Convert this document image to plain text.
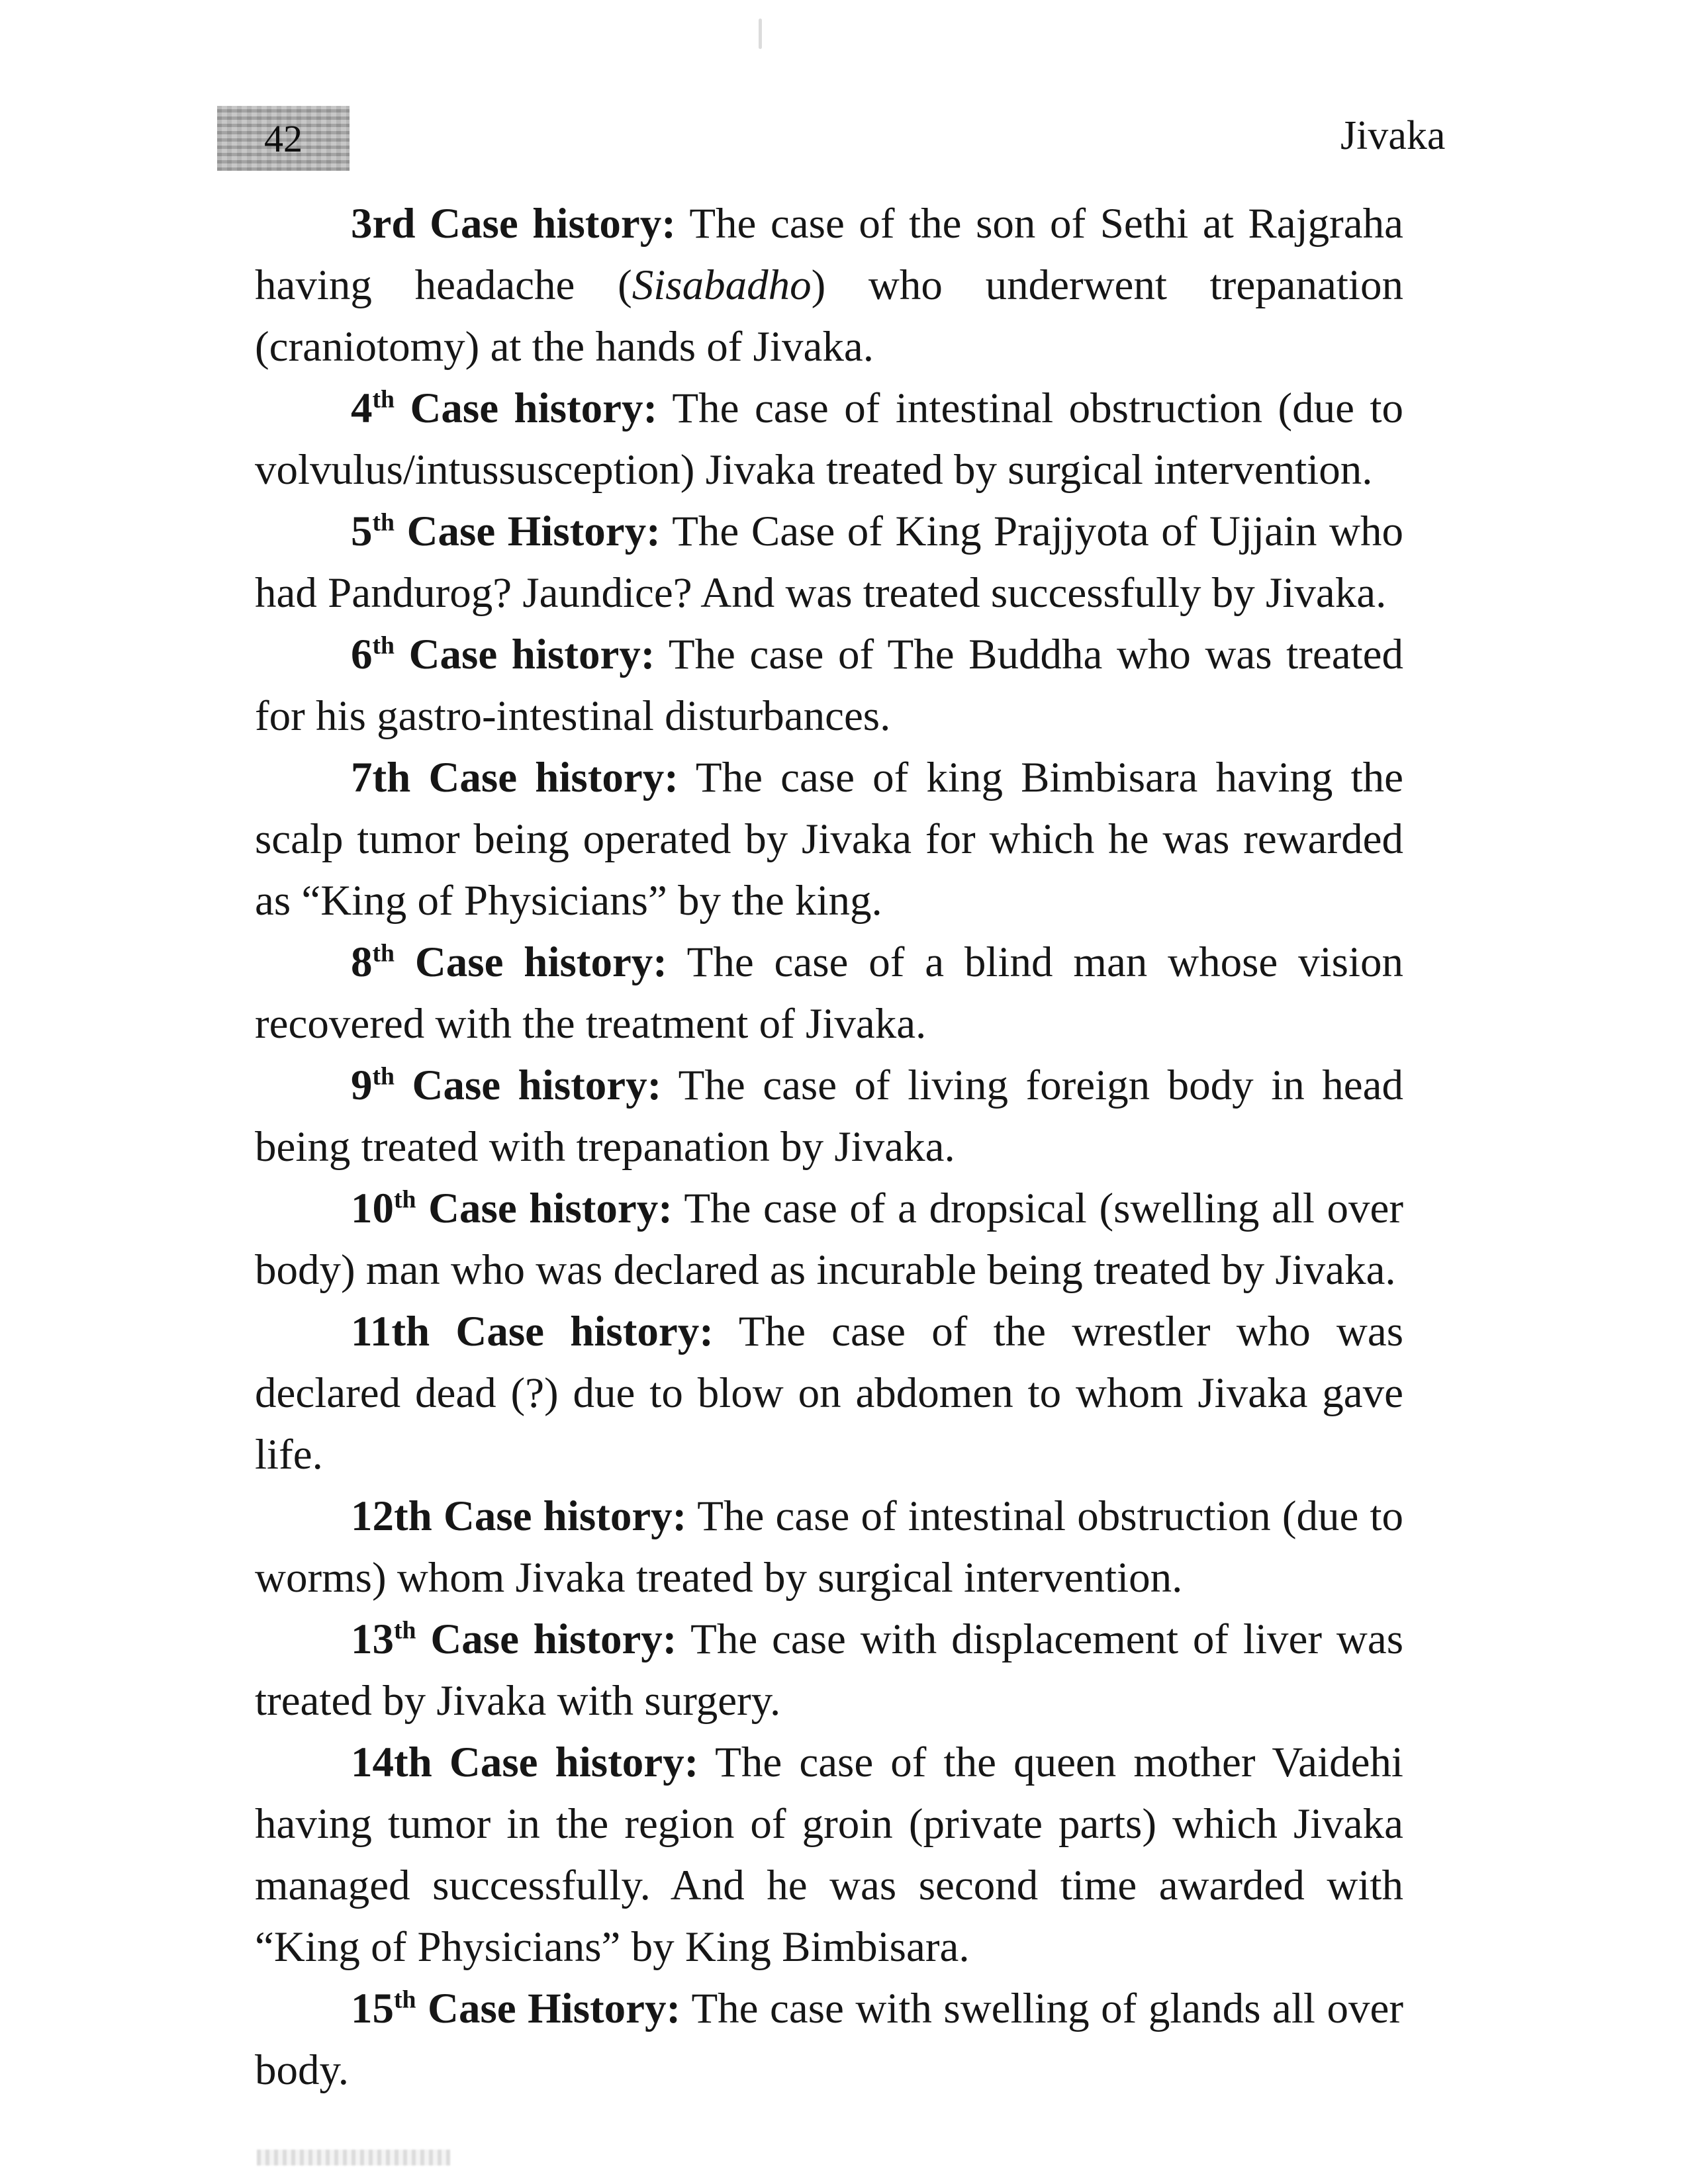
42	Jivaka

3rd Case history: The case of the son of Sethi at Rajgraha having headache (Sisabadho) who underwent trepanation (craniotomy) at the hands of Jivaka.

4th Case history: The case of intestinal obstruction (due to volvulus/intussusception) Jivaka treated by surgical intervention.

5th Case History: The Case of King Prajjyota of Ujjain who had Pandurog? Jaundice? And was treated successfully by Jivaka.

6th Case history: The case of The Buddha who was treated for his gastro-intestinal disturbances.

7th Case history: The case of king Bimbisara having the scalp tumor being operated by Jivaka for which he was rewarded as “King of Physicians” by the king.

8th Case history: The case of a blind man whose vision recovered with the treatment of Jivaka.

9th Case history: The case of living foreign body in head being treated with trepanation by Jivaka.

10th Case history: The case of a dropsical (swelling all over body) man who was declared as incurable being treated by Jivaka.

11th Case history: The case of the wrestler who was declared dead (?) due to blow on abdomen to whom Jivaka gave life.

12th Case history: The case of intestinal obstruction (due to worms) whom Jivaka treated by surgical intervention.

13th Case history: The case with displacement of liver was treated by Jivaka with surgery.

14th Case history: The case of the queen mother Vaidehi having tumor in the region of groin (private parts) which Jivaka managed successfully. And he was second time awarded with “King of Physicians” by King Bimbisara.

15th Case History: The case with swelling of glands all over body.
